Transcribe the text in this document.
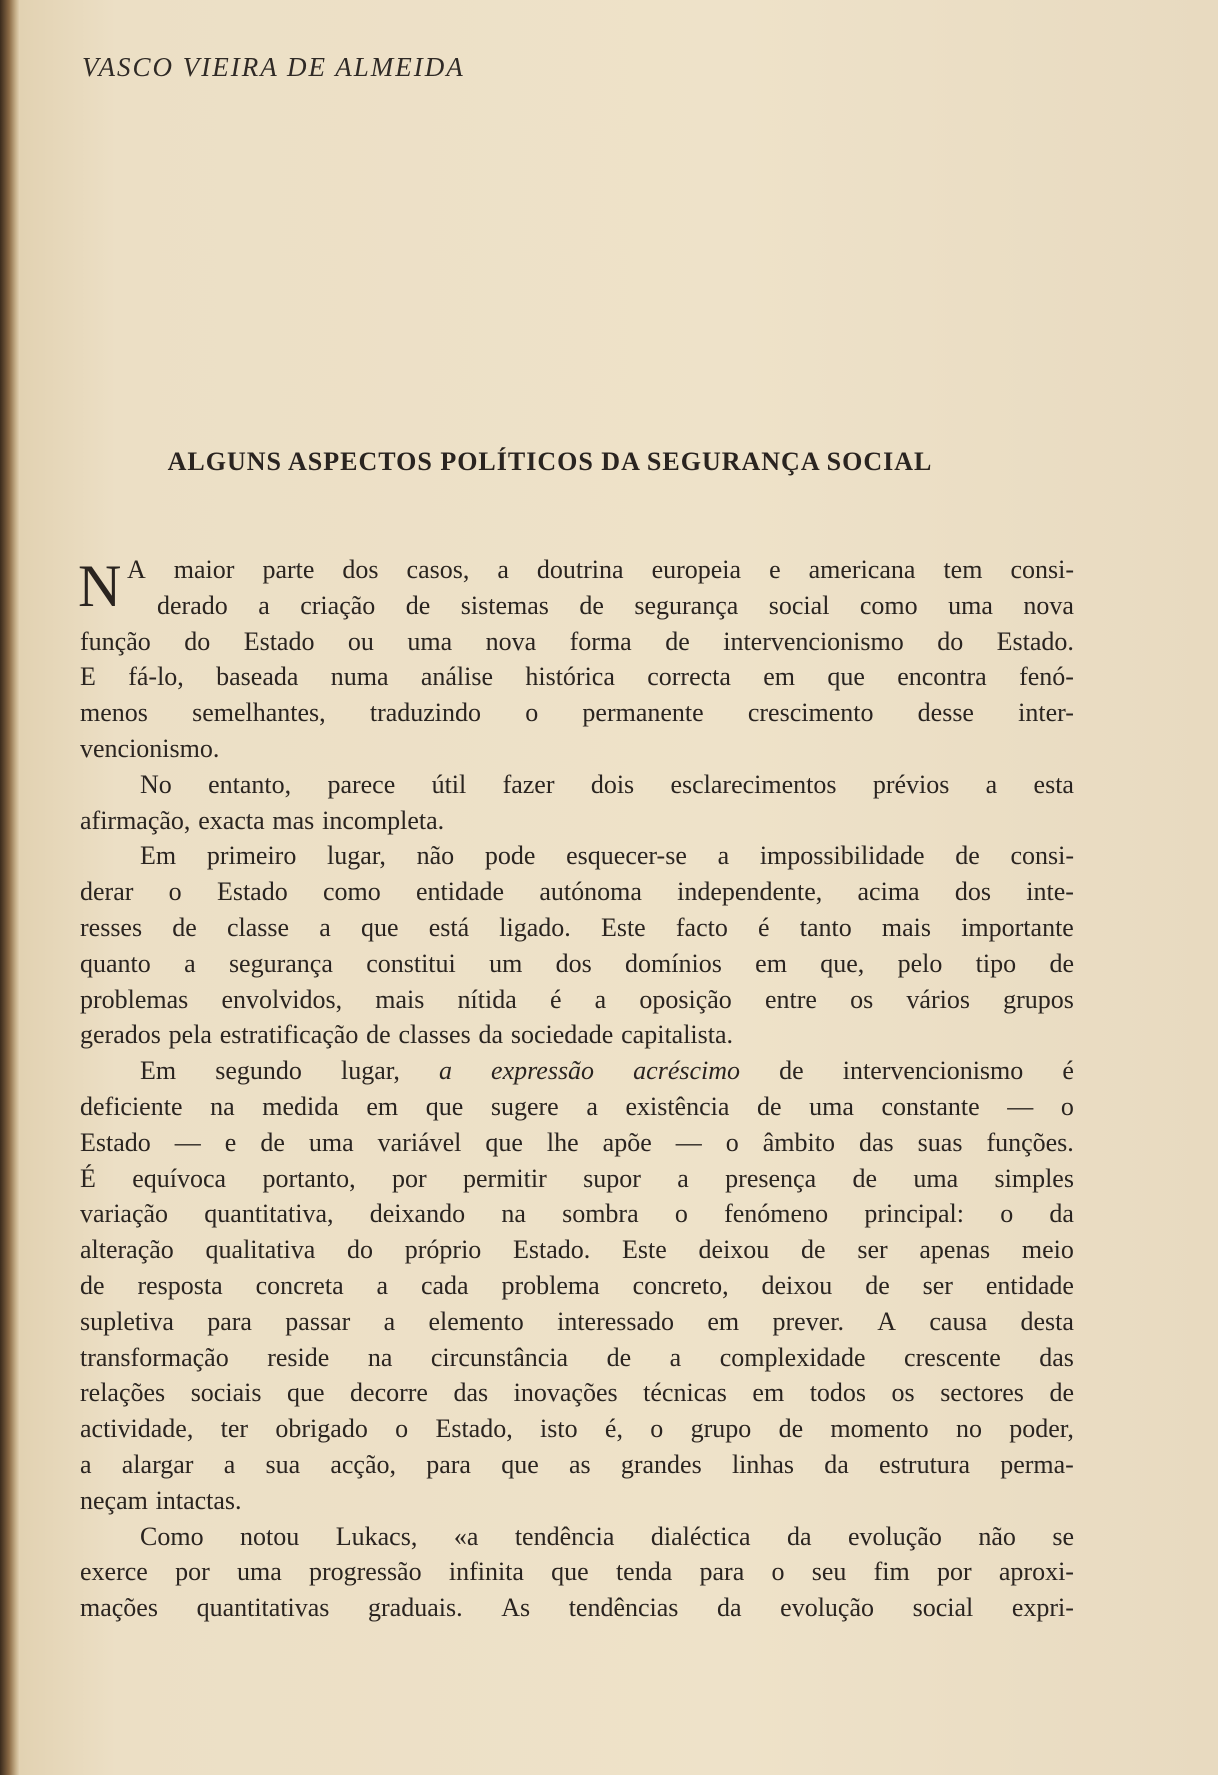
VASCO VIEIRA DE ALMEIDA
ALGUNS ASPECTOS POLÍTICOS DA SEGURANÇA SOCIAL
N A maior parte dos casos, a doutrina europeia e americana tem consi-
derado a criação de sistemas de segurança social como uma nova
função do Estado ou uma nova forma de intervencionismo do Estado.
E fá-lo, baseada numa análise histórica correcta em que encontra fenó-
menos semelhantes, traduzindo o permanente crescimento desse inter-
vencionismo.
No entanto, parece útil fazer dois esclarecimentos prévios a esta
afirmação, exacta mas incompleta.
Em primeiro lugar, não pode esquecer-se a impossibilidade de consi-
derar o Estado como entidade autónoma independente, acima dos inte-
resses de classe a que está ligado. Este facto é tanto mais importante
quanto a segurança constitui um dos domínios em que, pelo tipo de
problemas envolvidos, mais nítida é a oposição entre os vários grupos
gerados pela estratificação de classes da sociedade capitalista.
Em segundo lugar, a expressão acréscimo de intervencionismo é
deficiente na medida em que sugere a existência de uma constante — o
Estado — e de uma variável que lhe apõe — o âmbito das suas funções.
É equívoca portanto, por permitir supor a presença de uma simples
variação quantitativa, deixando na sombra o fenómeno principal: o da
alteração qualitativa do próprio Estado. Este deixou de ser apenas meio
de resposta concreta a cada problema concreto, deixou de ser entidade
supletiva para passar a elemento interessado em prever. A causa desta
transformação reside na circunstância de a complexidade crescente das
relações sociais que decorre das inovações técnicas em todos os sectores de
actividade, ter obrigado o Estado, isto é, o grupo de momento no poder,
a alargar a sua acção, para que as grandes linhas da estrutura perma-
neçam intactas.
Como notou Lukacs, «a tendência dialéctica da evolução não se
exerce por uma progressão infinita que tenda para o seu fim por aproxi-
mações quantitativas graduais. As tendências da evolução social expri-
